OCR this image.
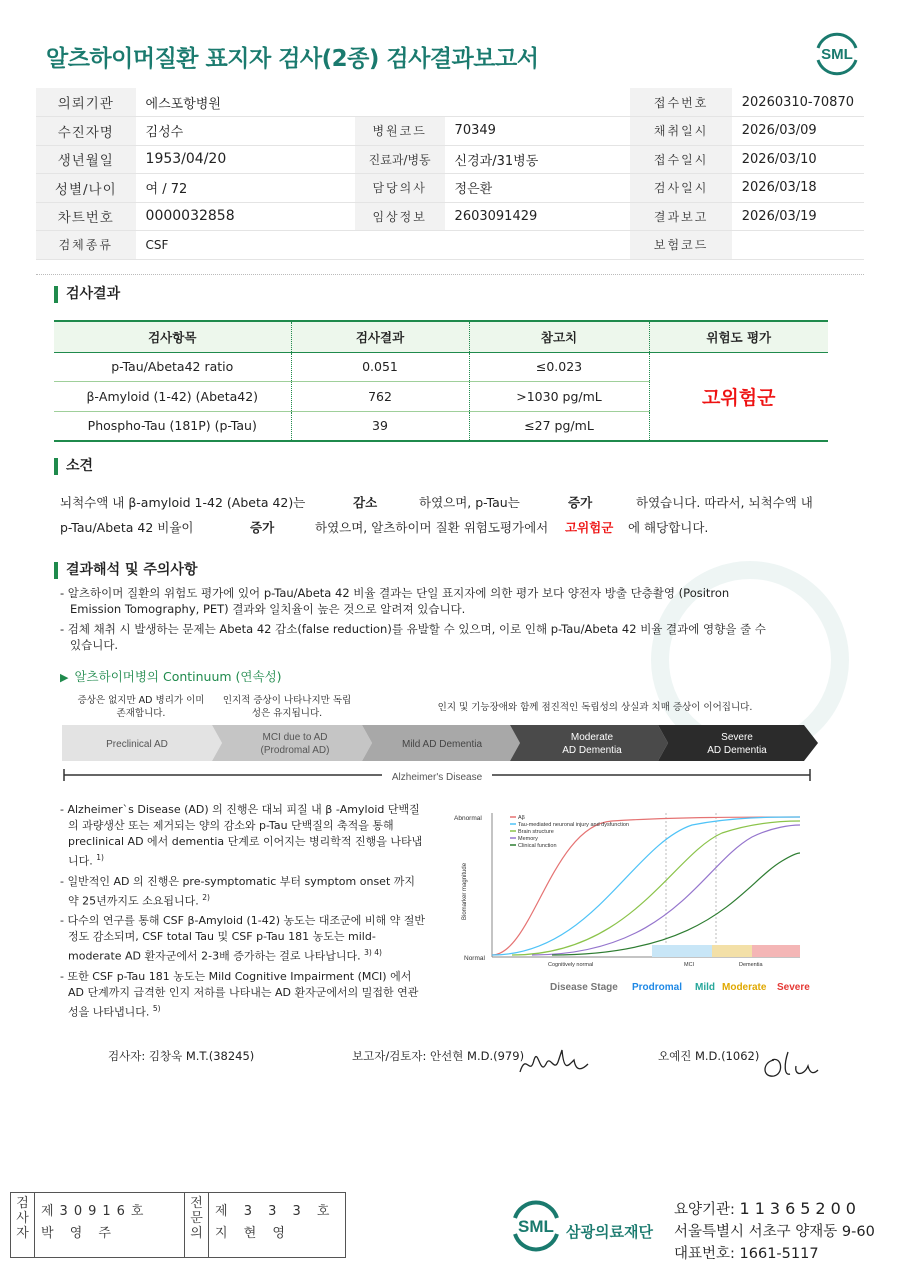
알츠하이머질환 표지자 검사(2종) 검사결과보고서	SML
의뢰기관	에스포항병원			접수번호	20260310-70870
수진자명	김성수	병원코드	70349	채취일시	2026/03/09
생년월일	1953/04/20	진료과/병동	신경과/31병동	접수일시	2026/03/10
성별/나이	여 / 72	담당의사	정은환	검사일시	2026/03/18
차트번호	0000032858	임상정보	2603091429	결과보고	2026/03/19
검체종류	CSF			보험코드	
검사결과
검사항목	검사결과	참고치	위험도 평가
p-Tau/Abeta42 ratio	0.051	≤0.023	고위험군
β-Amyloid (1-42) (Abeta42)	762	>1030 pg/mL	
Phospho-Tau (181P) (p-Tau)	39	≤27 pg/mL	
소견
뇌척수액 내 β-amyloid 1-42 (Abeta 42)는	감소	하였으며, p-Tau는	증가	하였습니다. 따라서, 뇌척수액 내
p-Tau/Abeta 42 비율이	증가	하였으며, 알츠하이머 질환 위험도평가에서 고위험군 에 해당합니다.
결과해석 및 주의사항
- 알츠하이머 질환의 위험도 평가에 있어 p-Tau/Abeta 42 비율 결과는 단일 표지자에 의한 평가 보다 양전자 방출 단층촬영 (Positron Emission Tomography, PET) 결과와 일치율이 높은 것으로 알려져 있습니다.
- 검체 채취 시 발생하는 문제는 Abeta 42 감소(false reduction)를 유발할 수 있으며, 이로 인해 p-Tau/Abeta 42 비율 결과에 영향을 줄 수 있습니다.
▶ 알츠하이머병의 Continuum (연속성)
증상은 없지만 AD 병리가 이미 존재합니다.
인지적 증상이 나타나지만 독립성은 유지됩니다.
인지 및 기능장애와 함께 점진적인 독립성의 상실과 치매 증상이 이어집니다.
Preclinical AD
MCI due to AD
(Prodromal AD)
Mild AD Dementia
Moderate
AD Dementia
Severe
AD Dementia
Alzheimer's Disease
- Alzheimer`s Disease (AD) 의 진행은 대뇌 피질 내 β -Amyloid 단백질의 과량생산 또는 제거되는 양의 감소와 p-Tau 단백질의 축적을 통해 preclinical AD 에서 dementia 단계로 이어지는 병리학적 진행을 나타냅니다. $^{1)}$
- 일반적인 AD 의 진행은 pre-symptomatic 부터 symptom onset 까지 약 25년까지도 소요됩니다. $^{2)}$
- 다수의 연구를 통해 CSF β-Amyloid (1-42) 농도는 대조군에 비해 약 절반정도 감소되며, CSF total Tau 및 CSF p-Tau 181 농도는 mild-moderate AD 환자군에서 2-3배 증가하는 걸로 나타납니다. $^{3) 4)}$
- 또한 CSF p-Tau 181 농도는 Mild Cognitive Impairment (MCI) 에서 AD 단계까지 급격한 인지 저하를 나타내는 AD 환자군에서의 밀접한 연관성을 나타냅니다. $^{5)}$
Abnormal
Normal
Biomarker magnitude
Aβ
Tau-mediated neuronal injury and dysfunction
Brain structure
Memory
Clinical function
Cognitively normal	MCI	Dementia
Disease Stage Prodromal Mild Moderate Severe
검사자: 김창욱 M.T.(38245)	보고자/검토자: 안선현 M.D.(979)	오예진 M.D.(1062)
검사자
제30916호
박 영 주
전문의
제 3 3 3 호
지 현 영	SML 삼광의료재단
요양기관: 11365200
서울특별시 서초구 양재동 9-60
대표번호: 1661-5117
